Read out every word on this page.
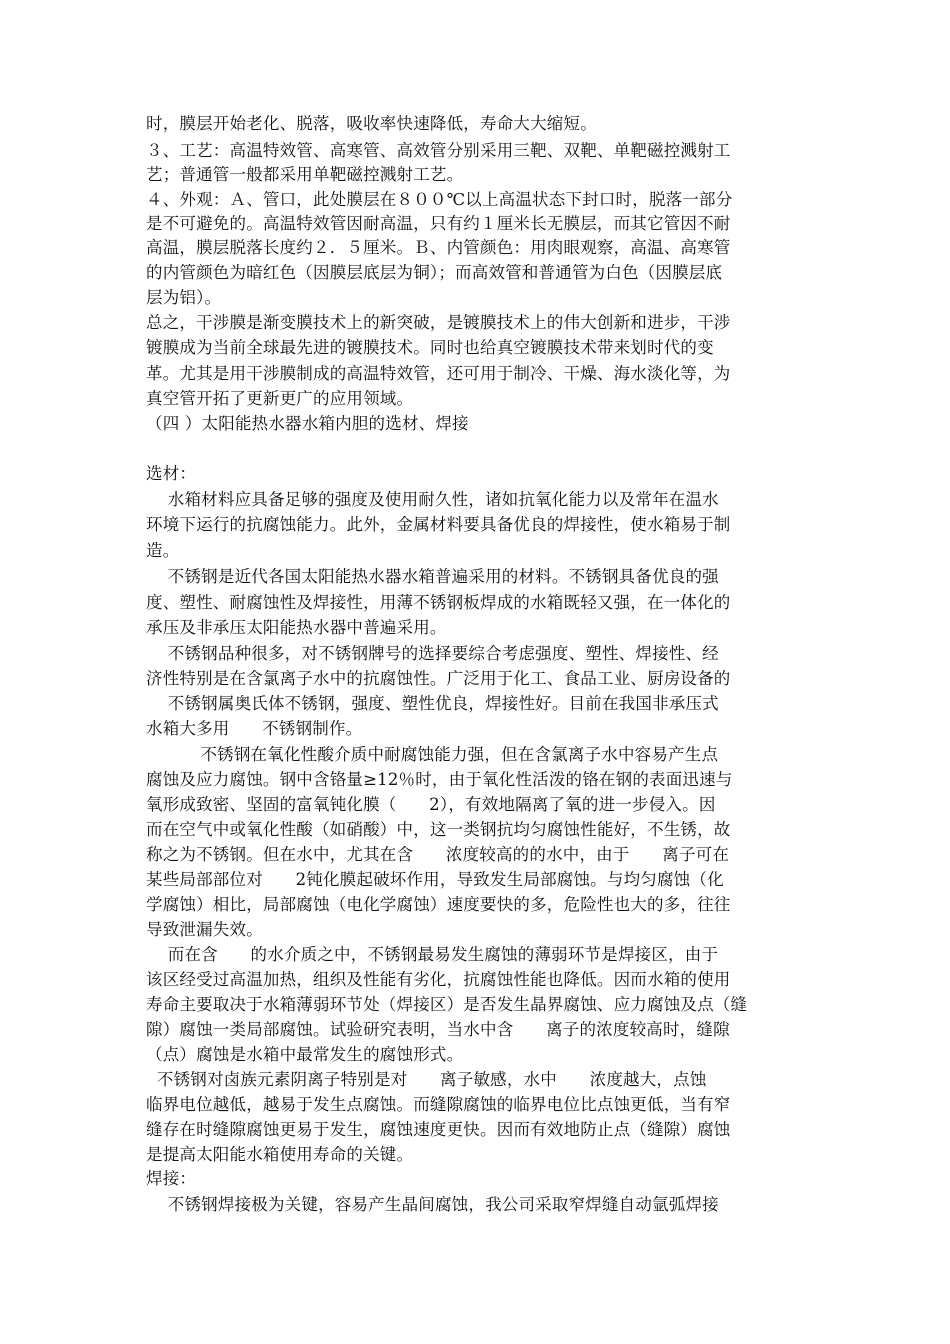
时，膜层开始老化、脱落，吸收率快速降低，寿命大大缩短。
３、工艺：高温特效管、高寒管、高效管分别采用三靶、双靶、单靶磁控溅射工
艺；普通管一般都采用单靶磁控溅射工艺。
４、外观：Ａ、管口，此处膜层在８００℃以上高温状态下封口时，脱落一部分
是不可避免的。高温特效管因耐高温，只有约１厘米长无膜层，而其它管因不耐
高温，膜层脱落长度约２．５厘米。Ｂ、内管颜色：用肉眼观察，高温、高寒管
的内管颜色为暗红色（因膜层底层为铜）；而高效管和普通管为白色（因膜层底
层为铝）。
总之，干涉膜是渐变膜技术上的新突破，是镀膜技术上的伟大创新和进步，干涉
镀膜成为当前全球最先进的镀膜技术。同时也给真空镀膜技术带来划时代的变
革。尤其是用干涉膜制成的高温特效管，还可用于制冷、干燥、海水淡化等，为
真空管开拓了更新更广的应用领域。
（四 ）太阳能热水器水箱内胆的选材、焊接
选材：
水箱材料应具备足够的强度及使用耐久性，诸如抗氧化能力以及常年在温水
环境下运行的抗腐蚀能力。此外，金属材料要具备优良的焊接性，使水箱易于制
造。
不锈钢是近代各国太阳能热水器水箱普遍采用的材料。不锈钢具备优良的强
度、塑性、耐腐蚀性及焊接性，用薄不锈钢板焊成的水箱既轻又强，在一体化的
承压及非承压太阳能热水器中普遍采用。
不锈钢品种很多，对不锈钢牌号的选择要综合考虑强度、塑性、焊接性、经
济性特别是在含氯离子水中的抗腐蚀性。广泛用于化工、食品工业、厨房设备的
不锈钢属奥氏体不锈钢，强度、塑性优良，焊接性好。目前在我国非承压式
水箱大多用      不锈钢制作。
不锈钢在氧化性酸介质中耐腐蚀能力强，但在含氯离子水中容易产生点
腐蚀及应力腐蚀。钢中含铬量≥12％时，由于氧化性活泼的铬在钢的表面迅速与
氧形成致密、坚固的富氧钝化膜（      2），有效地隔离了氧的进一步侵入。因
而在空气中或氧化性酸（如硝酸）中，这一类钢抗均匀腐蚀性能好，不生锈，故
称之为不锈钢。但在水中，尤其在含      浓度较高的的水中，由于      离子可在
某些局部部位对      2钝化膜起破坏作用，导致发生局部腐蚀。与均匀腐蚀（化
学腐蚀）相比，局部腐蚀（电化学腐蚀）速度要快的多，危险性也大的多，往往
导致泄漏失效。
而在含      的水介质之中，不锈钢最易发生腐蚀的薄弱环节是焊接区，由于
该区经受过高温加热，组织及性能有劣化，抗腐蚀性能也降低。因而水箱的使用
寿命主要取决于水箱薄弱环节处（焊接区）是否发生晶界腐蚀、应力腐蚀及点（缝
隙）腐蚀一类局部腐蚀。试验研究表明，当水中含      离子的浓度较高时，缝隙
（点）腐蚀是水箱中最常发生的腐蚀形式。
不锈钢对卤族元素阴离子特别是对      离子敏感，水中      浓度越大，点蚀
临界电位越低，越易于发生点腐蚀。而缝隙腐蚀的临界电位比点蚀更低，当有窄
缝存在时缝隙腐蚀更易于发生，腐蚀速度更快。因而有效地防止点（缝隙）腐蚀
是提高太阳能水箱使用寿命的关键。
焊接：
不锈钢焊接极为关键，容易产生晶间腐蚀，我公司采取窄焊缝自动氩弧焊接
